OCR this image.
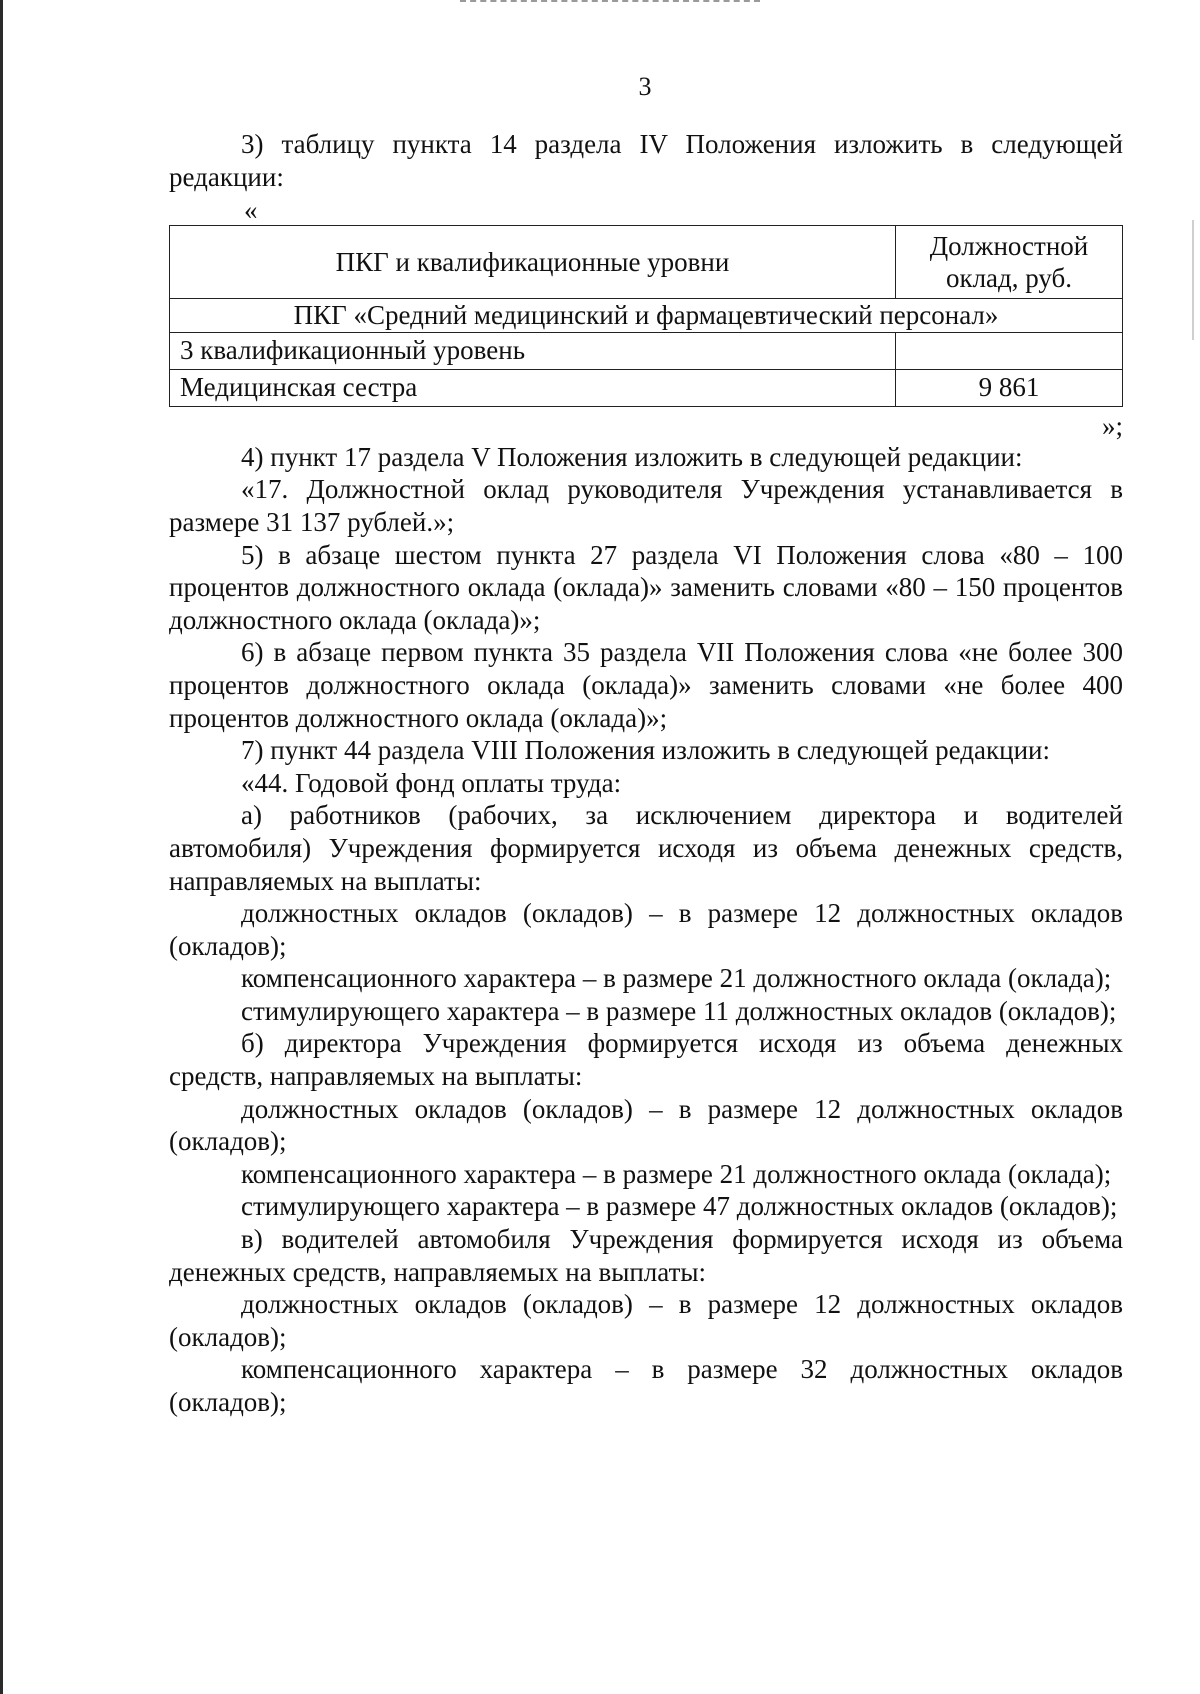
3

3) таблицу пункта 14 раздела IV Положения изложить в следующей редакции:

«
ПКГ и квалификационные уровни	Должностной оклад, руб.
ПКГ «Средний медицинский и фармацевтический персонал»	
3 квалификационный уровень	
Медицинская сестра	9 861
»;

4) пункт 17 раздела V Положения изложить в следующей редакции:

«17. Должностной оклад руководителя Учреждения устанавливается в размере 31 137 рублей.»;

5) в абзаце шестом пункта 27 раздела VI Положения слова «80 – 100 процентов должностного оклада (оклада)» заменить словами «80 – 150 процентов должностного оклада (оклада)»;

6) в абзаце первом пункта 35 раздела VII Положения слова «не более 300 процентов должностного оклада (оклада)» заменить словами «не более 400 процентов должностного оклада (оклада)»;

7) пункт 44 раздела VIII Положения изложить в следующей редакции:

«44. Годовой фонд оплаты труда:

а) работников (рабочих, за исключением директора и водителей автомобиля) Учреждения формируется исходя из объема денежных средств, направляемых на выплаты:

должностных окладов (окладов) – в размере 12 должностных окладов (окладов);

компенсационного характера – в размере 21 должностного оклада (оклада);

стимулирующего характера – в размере 11 должностных окладов (окладов);

б) директора Учреждения формируется исходя из объема денежных средств, направляемых на выплаты:

должностных окладов (окладов) – в размере 12 должностных окладов (окладов);

компенсационного характера – в размере 21 должностного оклада (оклада);

стимулирующего характера – в размере 47 должностных окладов (окладов);

в) водителей автомобиля Учреждения формируется исходя из объема денежных средств, направляемых на выплаты:

должностных окладов (окладов) – в размере 12 должностных окладов (окладов);

компенсационного характера – в размере 32 должностных окладов (окладов);
